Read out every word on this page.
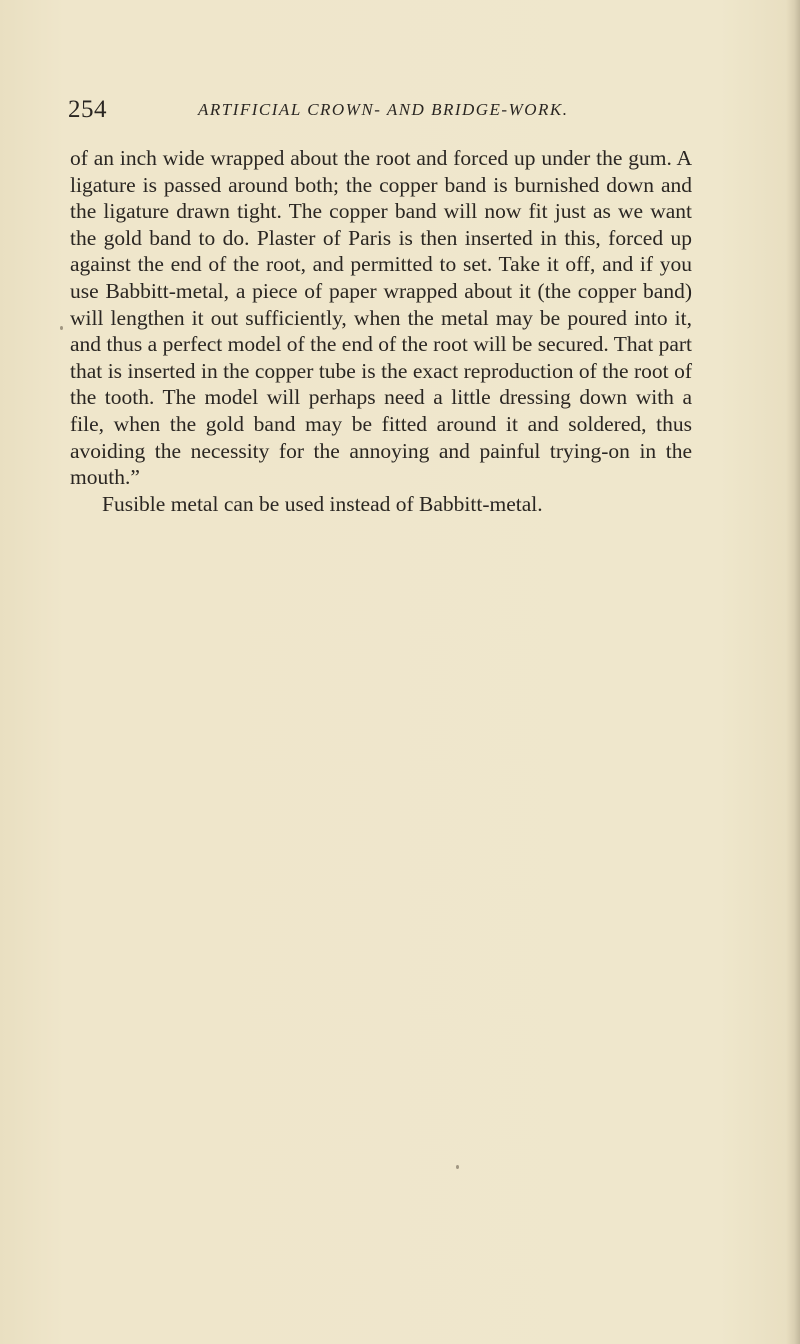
254	ARTIFICIAL CROWN- AND BRIDGE-WORK.

of an inch wide wrapped about the root and forced up under the gum. A ligature is passed around both; the copper band is burnished down and the ligature drawn tight. The copper band will now fit just as we want the gold band to do. Plaster of Paris is then inserted in this, forced up against the end of the root, and permitted to set. Take it off, and if you use Babbitt-metal, a piece of paper wrapped about it (the copper band) will lengthen it out sufficiently, when the metal may be poured into it, and thus a perfect model of the end of the root will be secured. That part that is inserted in the copper tube is the exact reproduction of the root of the tooth. The model will perhaps need a little dressing down with a file, when the gold band may be fitted around it and soldered, thus avoiding the necessity for the annoying and painful trying-on in the mouth.”

Fusible metal can be used instead of Babbitt-metal.
